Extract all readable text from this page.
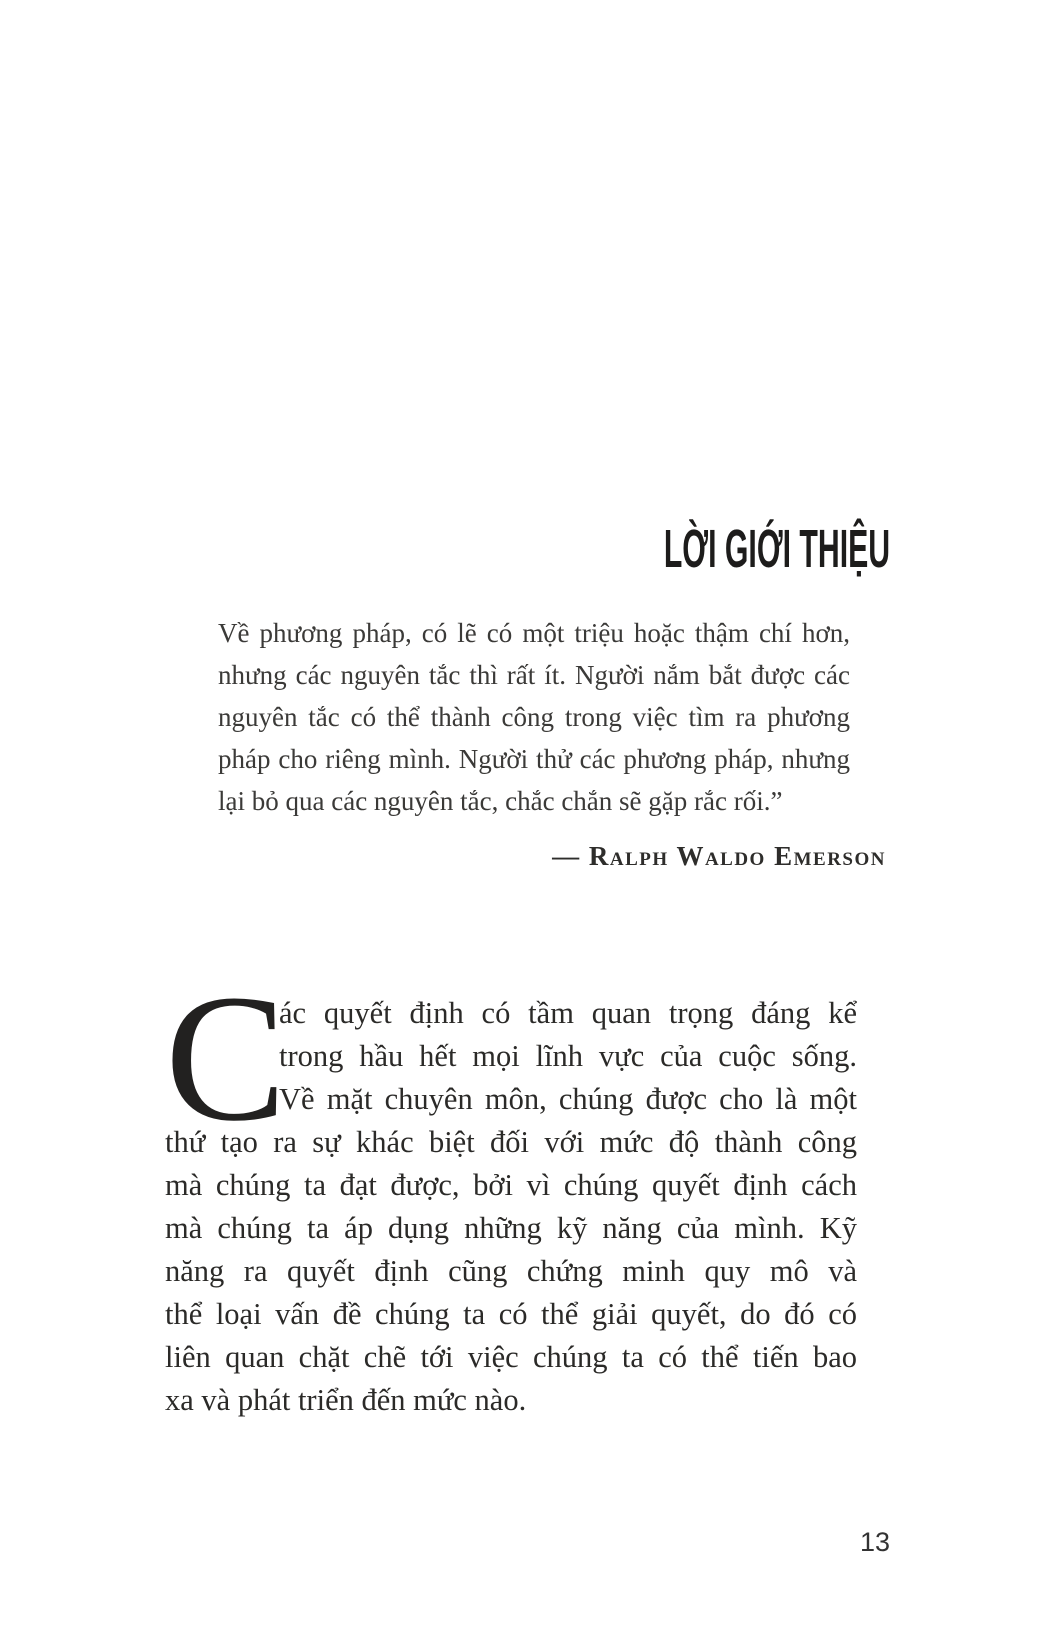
LỜI GIỚI THIỆU
Về phương pháp, có lẽ có một triệu hoặc thậm chí hơn,
nhưng các nguyên tắc thì rất ít. Người nắm bắt được các
nguyên tắc có thể thành công trong việc tìm ra phương
pháp cho riêng mình. Người thử các phương pháp, nhưng
lại bỏ qua các nguyên tắc, chắc chắn sẽ gặp rắc rối.”
— Ralph Waldo Emerson
C
ác quyết định có tầm quan trọng đáng kể
trong hầu hết mọi lĩnh vực của cuộc sống.
Về mặt chuyên môn, chúng được cho là một
thứ tạo ra sự khác biệt đối với mức độ thành công
mà chúng ta đạt được, bởi vì chúng quyết định cách
mà chúng ta áp dụng những kỹ năng của mình. Kỹ
năng ra quyết định cũng chứng minh quy mô và
thể loại vấn đề chúng ta có thể giải quyết, do đó có
liên quan chặt chẽ tới việc chúng ta có thể tiến bao
xa và phát triển đến mức nào.
13
